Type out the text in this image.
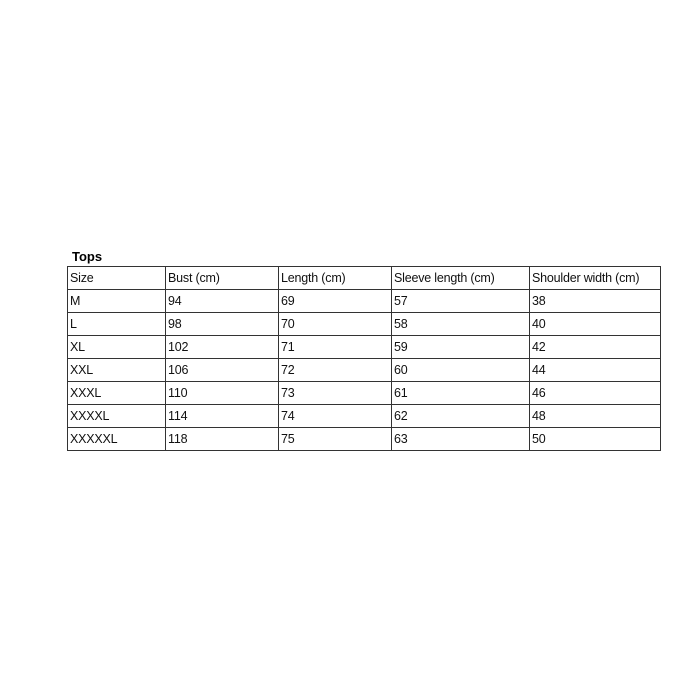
Tops
Size	Bust (cm)	Length (cm)	Sleeve length (cm)	Shoulder width (cm)
M	94	69	57	38
L	98	70	58	40
XL	102	71	59	42
XXL	106	72	60	44
XXXL	110	73	61	46
XXXXL	114	74	62	48
XXXXXL	118	75	63	50
